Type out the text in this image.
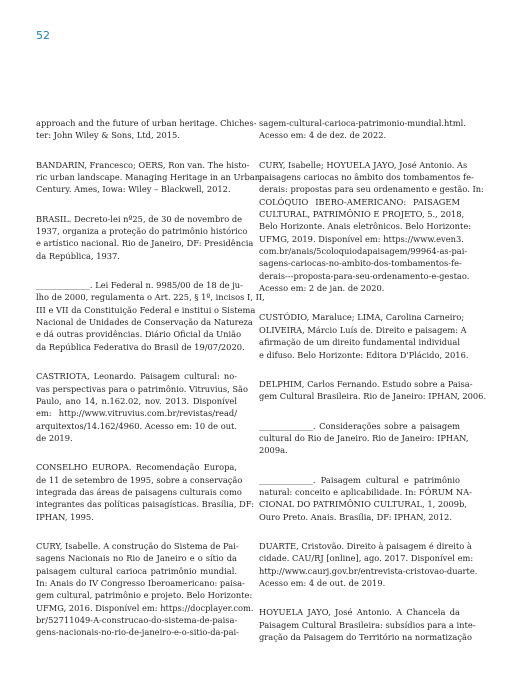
52
approach and the future of urban heritage. Chiches-
ter: John Wiley & Sons, Ltd, 2015.
BANDARIN, Francesco; OERS, Ron van. The histo-
ric urban landscape. Managing Heritage in an Urban
Century. Ames, Iowa: Wiley – Blackwell, 2012.
BRASIL. Decreto-lei nº25, de 30 de novembro de
1937, organiza a proteção do patrimônio histórico
e artístico nacional. Rio de Janeiro, DF: Presidência
da República, 1937.
_____________. Lei Federal n. 9985/00 de 18 de ju-
lho de 2000, regulamenta o Art. 225, § 1º, incisos I, II,
III e VII da Constituição Federal e institui o Sistema
Nacional de Unidades de Conservação da Natureza
e dá outras providências. Diário Oficial da União
da República Federativa do Brasil de 19/07/2020.
CASTRIOTA, Leonardo. Paisagem cultural: no-
vas perspectivas para o patrimônio. Vitruvius, São
Paulo, ano 14, n.162.02, nov. 2013. Disponível
em: http://www.vitruvius.com.br/revistas/read/
arquitextos/14.162/4960. Acesso em: 10 de out.
de 2019.
CONSELHO EUROPA. Recomendação Europa,
de 11 de setembro de 1995, sobre a conservação
integrada das áreas de paisagens culturais como
integrantes das políticas paisagísticas. Brasília, DF:
IPHAN, 1995.
CURY, Isabelle. A construção do Sistema de Pai-
sagens Nacionais no Rio de Janeiro e o sítio da
paisagem cultural carioca patrimônio mundial.
In: Anais do IV Congresso Iberoamericano: paisa-
gem cultural, patrimônio e projeto. Belo Horizonte:
UFMG, 2016. Disponível em: https://docplayer.com.
br/52711049-A-construcao-do-sistema-de-paisa-
gens-nacionais-no-rio-de-janeiro-e-o-sitio-da-pai-
sagem-cultural-carioca-patrimonio-mundial.html.
Acesso em: 4 de dez. de 2022.
CURY, Isabelle; HOYUELA JAYO, José Antonio. As
paisagens cariocas no âmbito dos tombamentos fe-
derais: propostas para seu ordenamento e gestão. In:
COLÓQUIO IBERO-AMERICANO: PAISAGEM
CULTURAL, PATRIMÔNIO E PROJETO, 5., 2018,
Belo Horizonte. Anais eletrônicos. Belo Horizonte:
UFMG, 2019. Disponível em: https://www.even3.
com.br/anais/5coloquiodapaisagem/99964-as-pai-
sagens-cariocas-no-ambito-dos-tombamentos-fe-
derais---proposta-para-seu-ordenamento-e-gestao.
Acesso em: 2 de jan. de 2020.
CUSTÓDIO, Maraluce; LIMA, Carolina Carneiro;
OLIVEIRA, Márcio Luís de. Direito e paisagem: A
afirmação de um direito fundamental individual
e difuso. Belo Horizonte: Editora D'Plácido, 2016.
DELPHIM, Carlos Fernando. Estudo sobre a Paisa-
gem Cultural Brasileira. Rio de Janeiro: IPHAN, 2006.
_____________. Considerações sobre a paisagem
cultural do Rio de Janeiro. Rio de Janeiro: IPHAN,
2009a.
_____________. Paisagem cultural e patrimônio
natural: conceito e aplicabilidade. In: FÓRUM NA-
CIONAL DO PATRIMÔNIO CULTURAL, 1, 2009b,
Ouro Preto. Anais. Brasília, DF: IPHAN, 2012.
DUARTE, Cristovão. Direito à paisagem é direito à
cidade. CAU/RJ [online], ago. 2017. Disponível em:
http://www.caurj.gov.br/entrevista-cristovao-duarte.
Acesso em: 4 de out. de 2019.
HOYUELA JAYO, José Antonio. A Chancela da
Paisagem Cultural Brasileira: subsídios para a inte-
gração da Paisagem do Território na normatização
